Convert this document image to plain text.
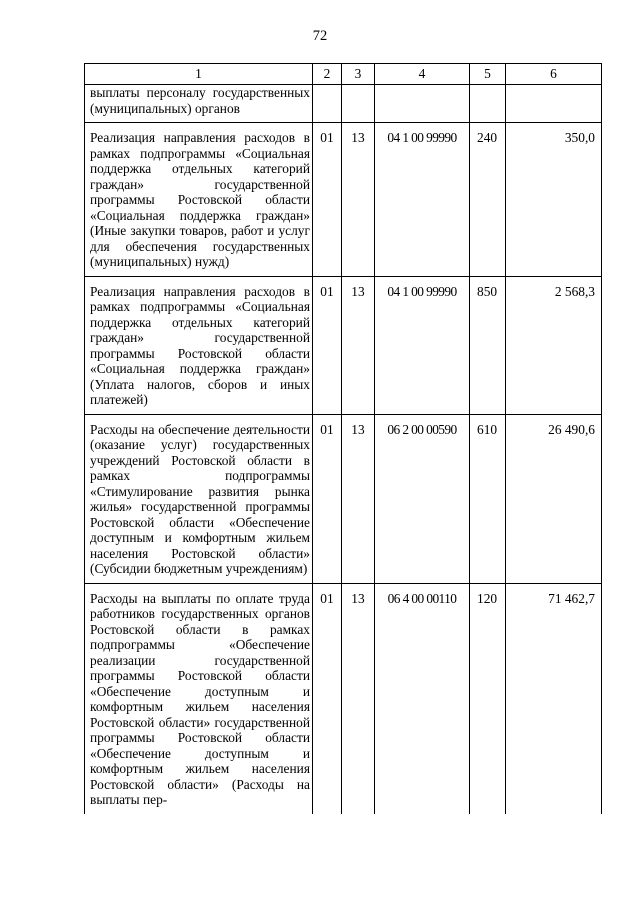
72
1	2	3	4	5	6
выплаты персоналу государственных (муниципальных) органов					
Реализация направления расходов в рамках подпрограммы «Социальная поддержка отдельных категорий граждан» государственной программы Ростовской области «Социальная поддержка граждан» (Иные закупки товаров, работ и услуг для обеспечения государственных (муниципальных) нужд)	01	13	04 1 00 99990	240	350,0
Реализация направления расходов в рамках подпрограммы «Социальная поддержка отдельных категорий граждан» государственной программы Ростовской области «Социальная поддержка граждан» (Уплата налогов, сборов и иных платежей)	01	13	04 1 00 99990	850	2 568,3
Расходы на обеспечение деятельности (оказание услуг) государственных учреждений Ростовской области в рамках подпрограммы «Стимулирование развития рынка жилья» государственной программы Ростовской области «Обеспечение доступным и комфортным жильем населения Ростовской области» (Субсидии бюджетным учреждениям)	01	13	06 2 00 00590	610	26 490,6
Расходы на выплаты по оплате труда работников государственных органов Ростовской области в рамках подпрограммы «Обеспечение реализации государственной программы Ростовской области «Обеспечение доступным и комфортным жильем населения Ростовской области» государственной программы Ростовской области «Обеспечение доступным и комфортным жильем населения Ростовской области» (Расходы на выплаты пер-	01	13	06 4 00 00110	120	71 462,7
